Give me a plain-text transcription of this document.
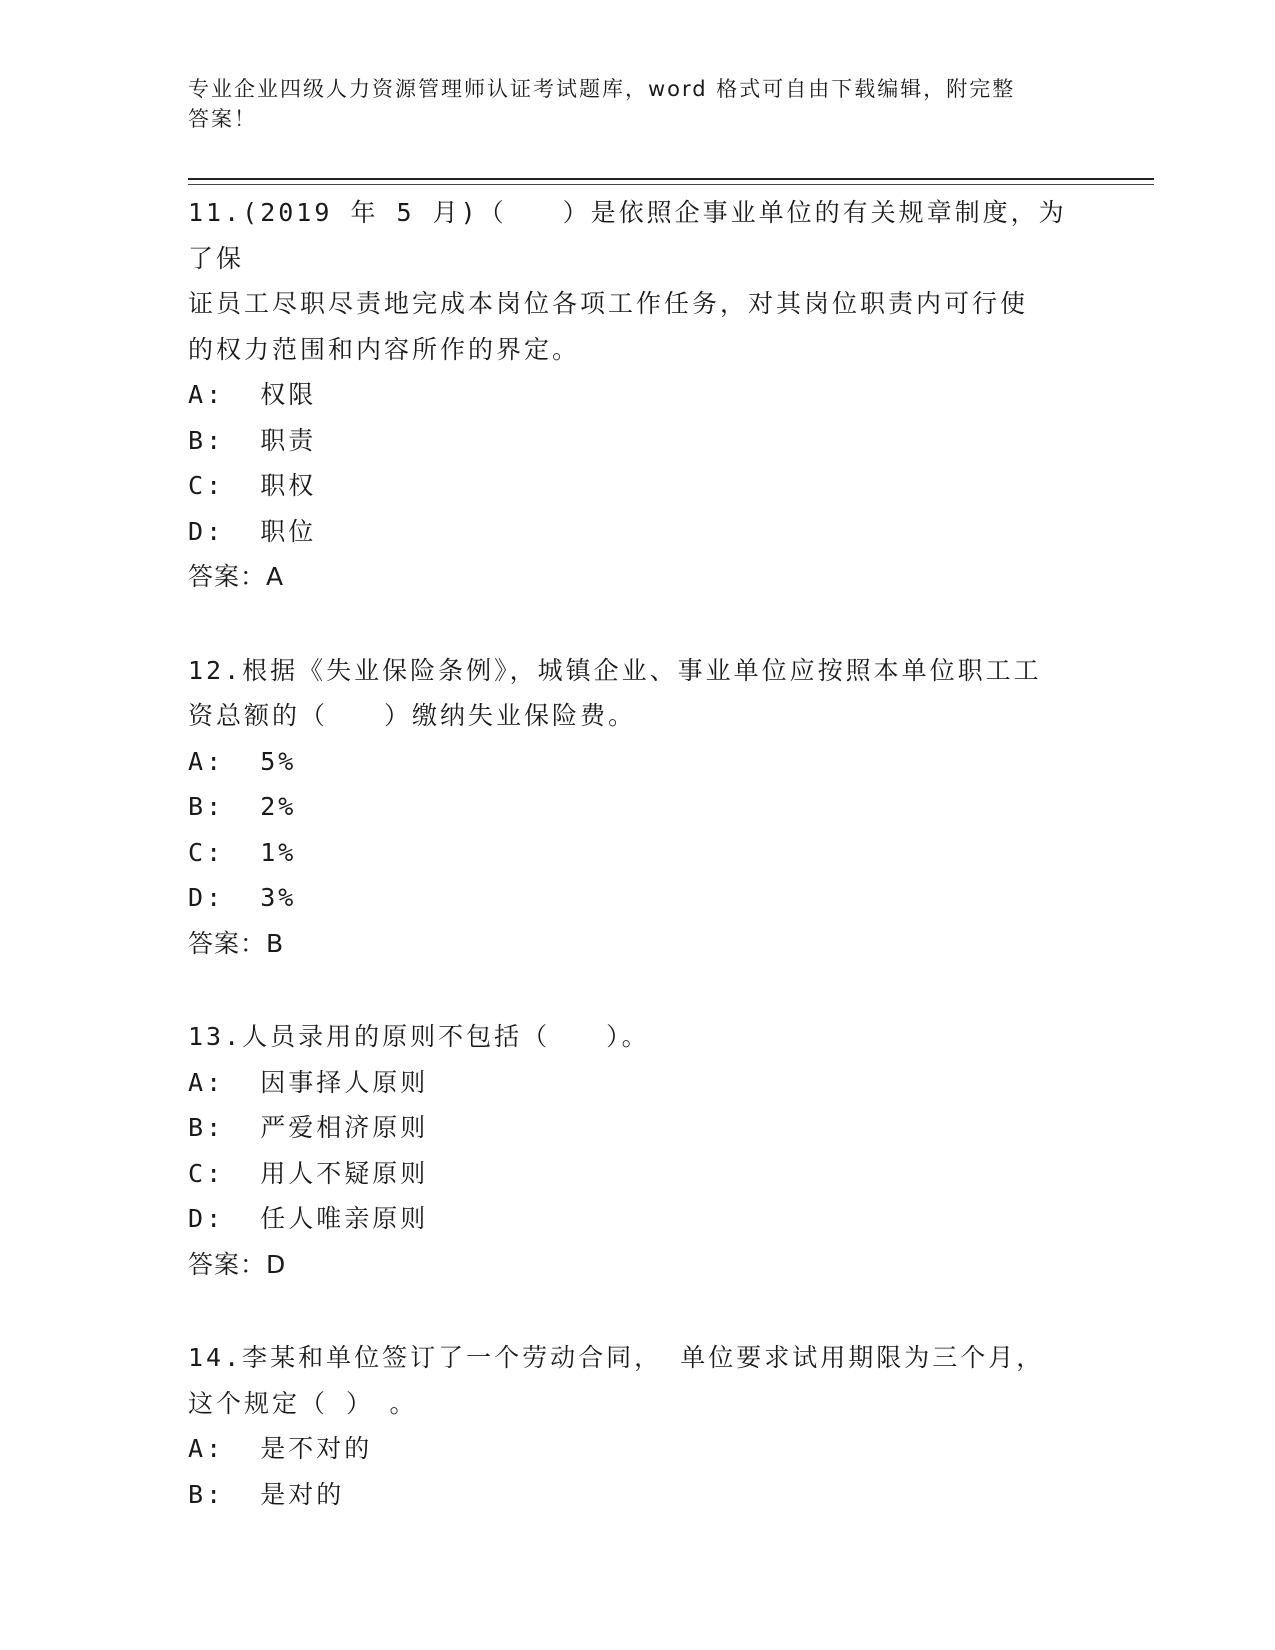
专业企业四级人力资源管理师认证考试题库，word 格式可自由下载编辑，附完整
答案！

11.(2019 年 5 月)（　　）是依照企事业单位的有关规章制度，为了保
证员工尽职尽责地完成本岗位各项工作任务，对其岗位职责内可行使
的权力范围和内容所作的界定。

A:  权限

B:  职责

C:  职权

D:  职位

答案：A

12.根据《失业保险条例》，城镇企业、事业单位应按照本单位职工工
资总额的（　　）缴纳失业保险费。

A:  5%

B:  2%

C:  1%

D:  3%

答案：B

13.人员录用的原则不包括（　　）。

A:  因事择人原则

B:  严爱相济原则

C:  用人不疑原则

D:  任人唯亲原则

答案：D

14.李某和单位签订了一个劳动合同， 单位要求试用期限为三个月，
这个规定（ ）　。

A:  是不对的

B:  是对的
